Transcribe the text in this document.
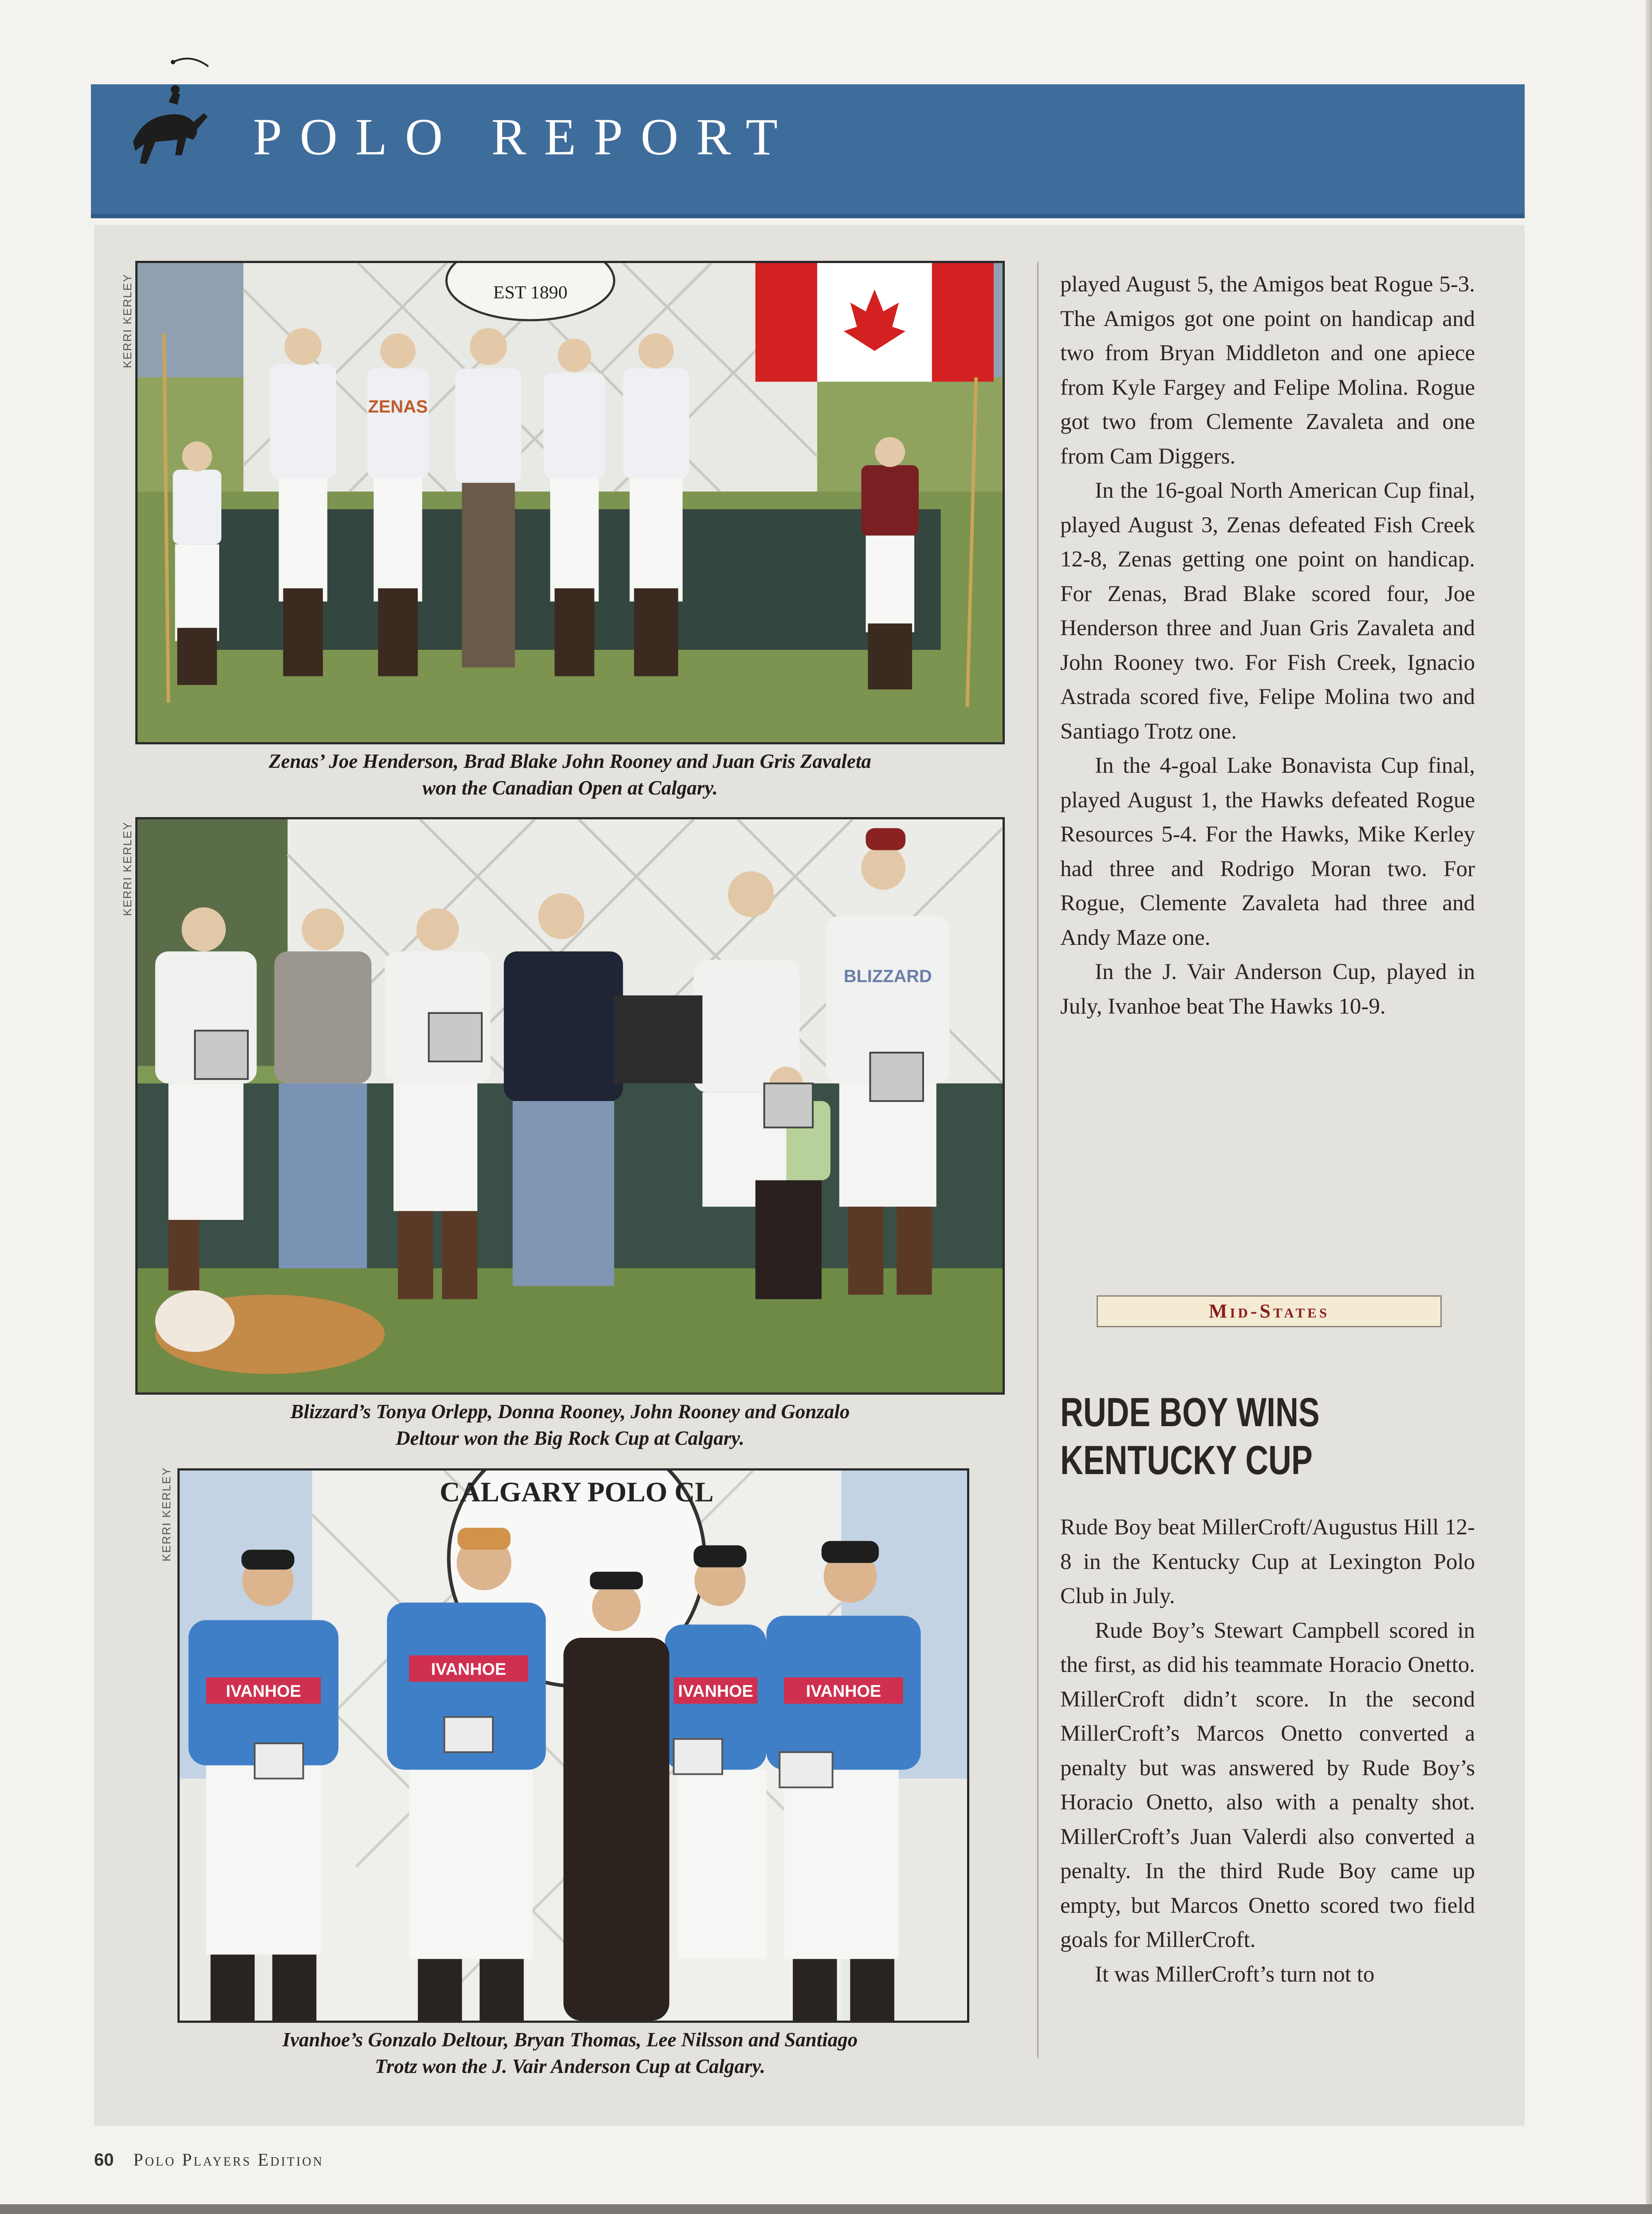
POLO REPORT
KERRI KERLEY	EST 1890
ZENAS
Zenas’ Joe Henderson, Brad Blake John Rooney and Juan Gris Zavaleta
won the Canadian Open at Calgary.
KERRI KERLEY
BLIZZARD
Blizzard’s Tonya Orlepp, Donna Rooney, John Rooney and Gonzalo
Deltour won the Big Rock Cup at Calgary.
KERRI KERLEY	CALGARY POLO CL
IVANHOE
IVANHOE
IVANHOE	IVANHOE
Ivanhoe’s Gonzalo Deltour, Bryan Thomas, Lee Nilsson and Santiago
Trotz won the J. Vair Anderson Cup at Calgary.

played August 5, the Amigos beat Rogue 5-3. The Amigos got one point on handicap and two from Bryan Middleton and one apiece from Kyle Fargey and Felipe Molina. Rogue got two from Clemente Zavaleta and one from Cam Diggers.

In the 16-goal North American Cup final, played August 3, Zenas defeated Fish Creek 12-8, Zenas getting one point on handicap. For Zenas, Brad Blake scored four, Joe Henderson three and Juan Gris Zavaleta and John Rooney two. For Fish Creek, Ignacio Astrada scored five, Felipe Molina two and Santiago Trotz one.

In the 4-goal Lake Bonavista Cup final, played August 1, the Hawks defeated Rogue Resources 5-4. For the Hawks, Mike Kerley had three and Rodrigo Moran two. For Rogue, Clemente Zavaleta had three and Andy Maze one.

In the J. Vair Anderson Cup, played in July, Ivanhoe beat The Hawks 10-9.

Mid-States
RUDE BOY WINS
KENTUCKY CUP

Rude Boy beat MillerCroft/Augustus Hill 12-8 in the Kentucky Cup at Lexington Polo Club in July.

Rude Boy’s Stewart Campbell scored in the first, as did his teammate Horacio Onetto. MillerCroft didn’t score. In the second MillerCroft’s Marcos Onetto converted a penalty but was answered by Rude Boy’s Horacio Onetto, also with a penalty shot. MillerCroft’s Juan Valerdi also converted a penalty. In the third Rude Boy came up empty, but Marcos Onetto scored two field goals for MillerCroft.

It was MillerCroft’s turn not to

60 Polo Players Edition
